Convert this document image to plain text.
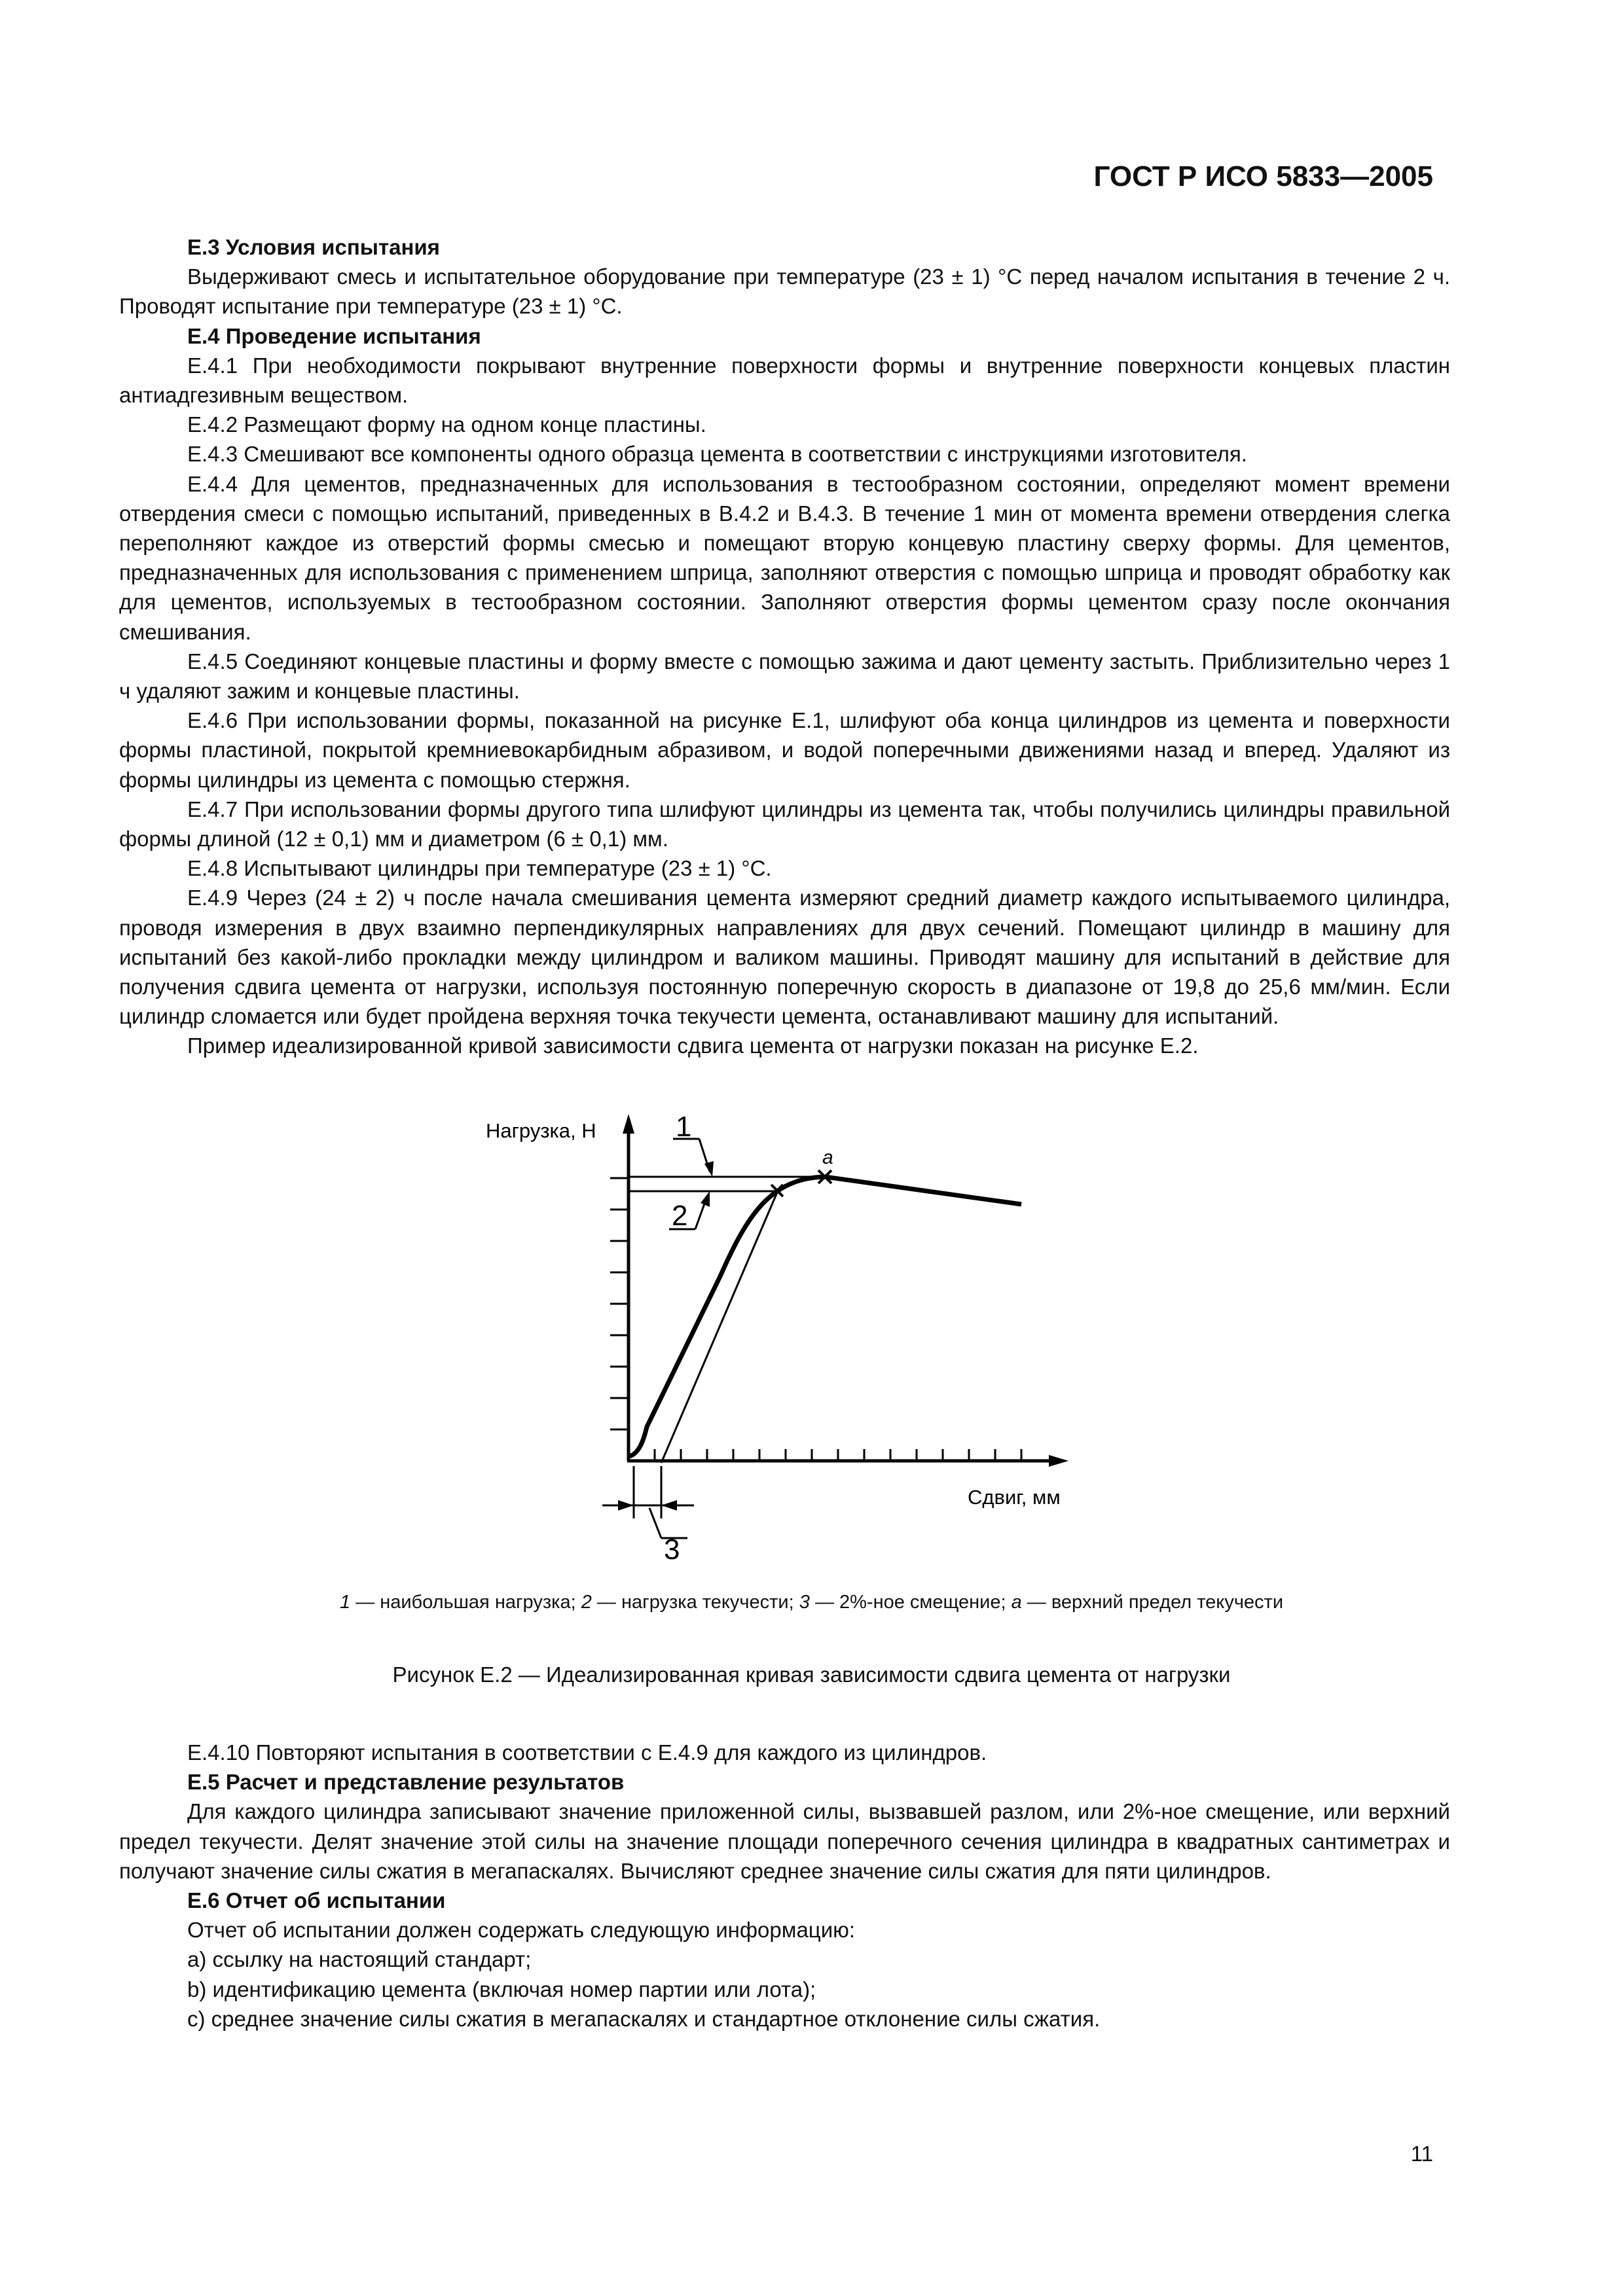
ГОСТ Р ИСО 5833—2005

Е.3 Условия испытания

Выдерживают смесь и испытательное оборудование при температуре (23 ± 1) °С перед началом испытания в течение 2 ч. Проводят испытание при температуре (23 ± 1) °С.

Е.4 Проведение испытания

Е.4.1 При необходимости покрывают внутренние поверхности формы и внутренние поверхности концевых пластин антиадгезивным веществом.

Е.4.2 Размещают форму на одном конце пластины.

Е.4.3 Смешивают все компоненты одного образца цемента в соответствии с инструкциями изготовителя.

Е.4.4 Для цементов, предназначенных для использования в тестообразном состоянии, определяют момент времени отвердения смеси с помощью испытаний, приведенных в В.4.2 и В.4.3. В течение 1 мин от момента времени отвердения слегка переполняют каждое из отверстий формы смесью и помещают вторую концевую пластину сверху формы. Для цементов, предназначенных для использования с применением шприца, заполняют отверстия с помощью шприца и проводят обработку как для цементов, используемых в тестообразном состоянии. Заполняют отверстия формы цементом сразу после окончания смешивания.

Е.4.5 Соединяют концевые пластины и форму вместе с помощью зажима и дают цементу застыть. Приблизительно через 1 ч удаляют зажим и концевые пластины.

Е.4.6 При использовании формы, показанной на рисунке Е.1, шлифуют оба конца цилиндров из цемента и поверхности формы пластиной, покрытой кремниевокарбидным абразивом, и водой поперечными движениями назад и вперед. Удаляют из формы цилиндры из цемента с помощью стержня.

Е.4.7 При использовании формы другого типа шлифуют цилиндры из цемента так, чтобы получились цилиндры правильной формы длиной (12 ± 0,1) мм и диаметром (6 ± 0,1) мм.

Е.4.8 Испытывают цилиндры при температуре (23 ± 1) °С.

Е.4.9 Через (24 ± 2) ч после начала смешивания цемента измеряют средний диаметр каждого испытываемого цилиндра, проводя измерения в двух взаимно перпендикулярных направлениях для двух сечений. Помещают цилиндр в машину для испытаний без какой-либо прокладки между цилиндром и валиком машины. Приводят машину для испытаний в действие для получения сдвига цемента от нагрузки, используя постоянную поперечную скорость в диапазоне от 19,8 до 25,6 мм/мин. Если цилиндр сломается или будет пройдена верхняя точка текучести цемента, останавливают машину для испытаний.

Пример идеализированной кривой зависимости сдвига цемента от нагрузки показан на рисунке Е.2.

1
2
a
3
Нагрузка, Н
Сдвиг, мм
1 — наибольшая нагрузка; 2 — нагрузка текучести; 3 — 2%-ное смещение; a — верхний предел текучести
Рисунок Е.2 — Идеализированная кривая зависимости сдвига цемента от нагрузки

Е.4.10 Повторяют испытания в соответствии с Е.4.9 для каждого из цилиндров.

Е.5 Расчет и представление результатов

Для каждого цилиндра записывают значение приложенной силы, вызвавшей разлом, или 2%-ное смещение, или верхний предел текучести. Делят значение этой силы на значение площади поперечного сечения цилиндра в квадратных сантиметрах и получают значение силы сжатия в мегапаскалях. Вычисляют среднее значение силы сжатия для пяти цилиндров.

Е.6 Отчет об испытании

Отчет об испытании должен содержать следующую информацию:

a) ссылку на настоящий стандарт;

b) идентификацию цемента (включая номер партии или лота);

c) среднее значение силы сжатия в мегапаскалях и стандартное отклонение силы сжатия.

11
